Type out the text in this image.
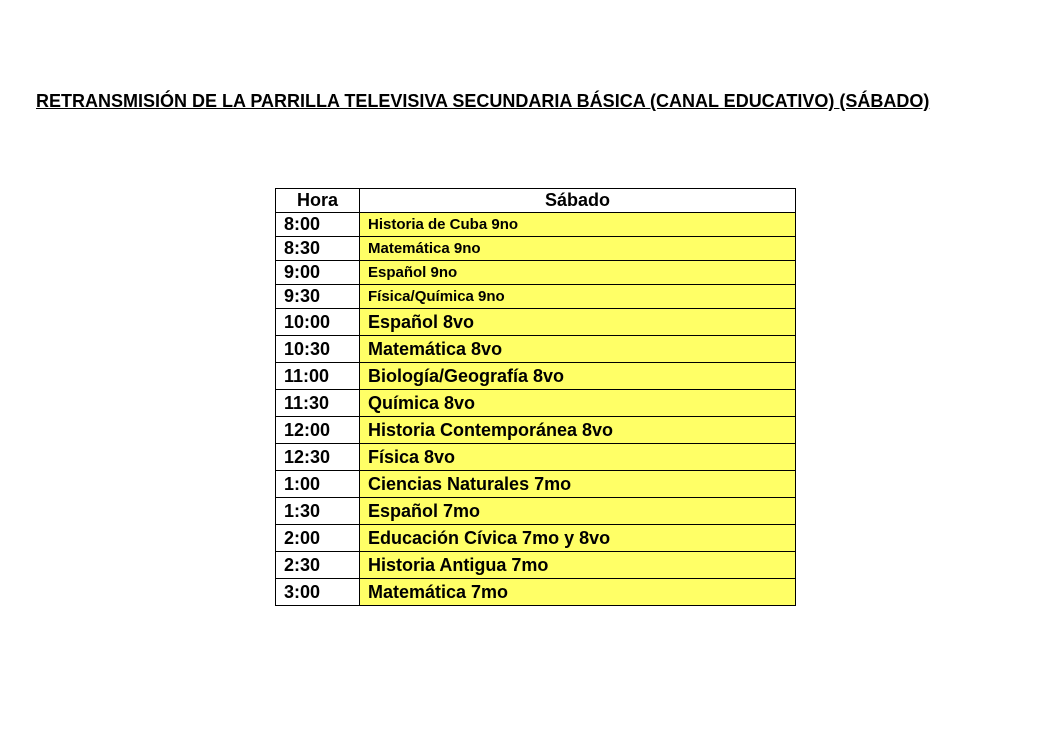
RETRANSMISIÓN DE LA PARRILLA TELEVISIVA SECUNDARIA BÁSICA (CANAL EDUCATIVO) (SÁBADO)
Hora	Sábado
8:00	Historia de Cuba 9no
8:30	Matemática 9no
9:00	Español 9no
9:30	Física/Química 9no
10:00	Español 8vo
10:30	Matemática 8vo
11:00	Biología/Geografía 8vo
11:30	Química 8vo
12:00	Historia Contemporánea 8vo
12:30	Física 8vo
1:00	Ciencias Naturales 7mo
1:30	Español 7mo
2:00	Educación Cívica 7mo y 8vo
2:30	Historia Antigua 7mo
3:00	Matemática 7mo
